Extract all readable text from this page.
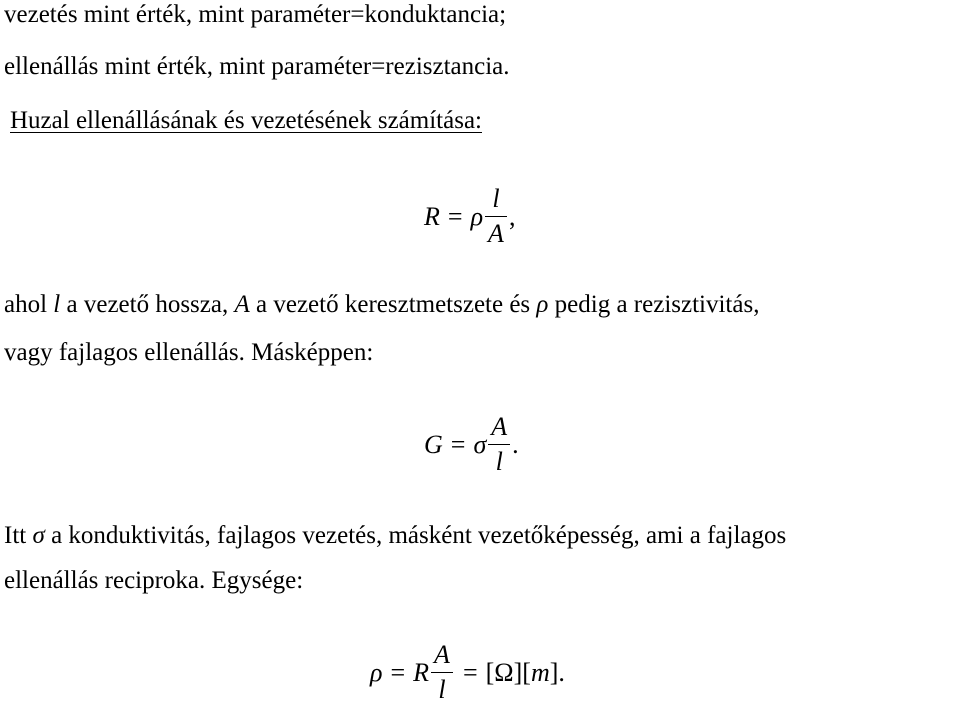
vezetés mint érték, mint paraméter=konduktancia;
ellenállás mint érték, mint paraméter=rezisztancia.
Huzal ellenállásának és vezetésének számítása:
R = ρ $\frac{l}{A}$ ,
ahol l a vezető hossza, A a vezető keresztmetszete és ρ pedig a rezisztivitás,
vagy fajlagos ellenállás. Másképpen:
G = σ $\frac{A}{l}$ .
Itt σ a konduktivitás, fajlagos vezetés, másként vezetőképesség, ami a fajlagos
ellenállás reciproka. Egysége:
ρ = R $\frac{A}{l}$ = [ Ω ] [ m ] .
